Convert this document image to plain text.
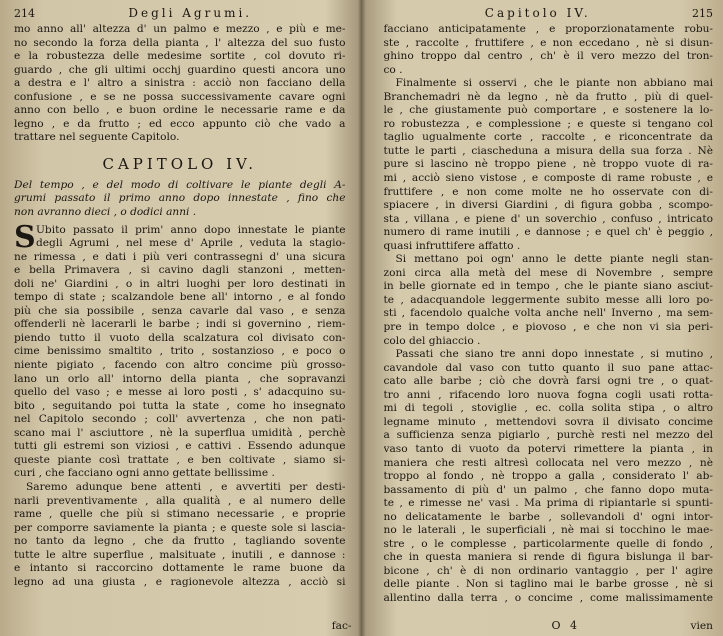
214	Degli Agrumi.
mo anno all' altezza d' un palmo e mezzo , e più e me-
no secondo la forza della pianta , l' altezza del suo fusto
e la robustezza delle medesime sortite , col dovuto ri-
guardo , che gli ultimi occhj guardino questi ancora uno
a destra e l' altro a sinistra : acciò non facciano della
confusione , e se ne possa successivamente cavare ogni
anno con bello , e buon ordine le necessarie rame e da
legno , e da frutto ; ed ecco appunto ciò che vado a
trattare nel seguente Capitolo.
CAPITOLO IV.
Del tempo , e del modo di coltivare le piante degli A-
grumi passato il primo anno dopo innestate , fino che
non avranno dieci , o dodici anni .
S Ubito passato il prim' anno dopo innestate le piante
degli Agrumi , nel mese d' Aprile , veduta la stagio-
ne rimessa , e dati i più veri contrassegni d' una sicura
e bella Primavera , si cavino dagli stanzoni , metten-
doli ne' Giardini , o in altri luoghi per loro destinati in
tempo di state ; scalzandole bene all' intorno , e al fondo
più che sia possibile , senza cavarle dal vaso , e senza
offenderli nè lacerarli le barbe ; indi si governino , riem-
piendo tutto il vuoto della scalzatura col divisato con-
cime benissimo smaltito , trito , sostanzioso , e poco o
niente pigiato , facendo con altro concime più grosso-
lano un orlo all' intorno della pianta , che sopravanzi
quello del vaso ; e messe ai loro posti , s' adacquino su-
bito , seguitando poi tutta la state , come ho insegnato
nel Capitolo secondo ; coll' avvertenza , che non pati-
scano mai l' asciuttore , nè la superflua umidità , perchè
tutti gli estremi son viziosi , e cattivi . Essendo adunque
queste piante così trattate , e ben coltivate , siamo si-
curi , che facciano ogni anno gettate bellissime .
Saremo adunque bene attenti , e avvertiti per desti-
narli preventivamente , alla qualità , e al numero delle
rame , quelle che più si stimano necessarie , e proprie
per comporre saviamente la pianta ; e queste sole si lascia-
no tanto da legno , che da frutto , tagliando sovente
tutte le altre superflue , malsituate , inutili , e dannose :
e intanto si raccorcino dottamente le rame buone da
legno ad una giusta , e ragionevole altezza , acciò si
fac-
Capitolo IV.	215
facciano anticipatamente , e proporzionatamente robu-
ste , raccolte , fruttifere , e non eccedano , nè si disun-
ghino troppo dal centro , ch' è il vero mezzo del tron-
co .
Finalmente si osservi , che le piante non abbiano mai
Branchemadri nè da legno , nè da frutto , più di quel-
le , che giustamente può comportare , e sostenere la lo-
ro robustezza , e complessione ; e queste si tengano col
taglio ugualmente corte , raccolte , e riconcentrate da
tutte le parti , ciascheduna a misura della sua forza . Nè
pure si lascino nè troppo piene , nè troppo vuote di ra-
mi , acciò sieno vistose , e composte di rame robuste , e
fruttifere , e non come molte ne ho osservate con di-
spiacere , in diversi Giardini , di figura gobba , scompo-
sta , villana , e piene d' un soverchio , confuso , intricato
numero di rame inutili , e dannose ; e quel ch' è peggio ,
quasi infruttifere affatto .
Si mettano poi ogn' anno le dette piante negli stan-
zoni circa alla metà del mese di Novembre , sempre
in belle giornate ed in tempo , che le piante siano asciut-
te , adacquandole leggermente subito messe alli loro po-
sti , facendolo qualche volta anche nell' Inverno , ma sem-
pre in tempo dolce , e piovoso , e che non vi sia peri-
colo del ghiaccio .
Passati che siano tre anni dopo innestate , si mutino ,
cavandole dal vaso con tutto quanto il suo pane attac-
cato alle barbe ; ciò che dovrà farsi ogni tre , o quat-
tro anni , rifacendo loro nuova fogna cogli usati rotta-
mi di tegoli , stoviglie , ec. colla solita stipa , o altro
legname minuto , mettendovi sovra il divisato concime
a sufficienza senza pigiarlo , purchè resti nel mezzo del
vaso tanto di vuoto da potervi rimettere la pianta , in
maniera che resti altresì collocata nel vero mezzo , nè
troppo al fondo , nè troppo a galla , considerato l' ab-
bassamento di più d' un palmo , che fanno dopo muta-
te , e rimesse ne' vasi . Ma prima di ripiantarle si spunti-
no delicatamente le barbe , sollevandoli d' ogni intor-
no le laterali , le superficiali , nè mai si tocchino le mae-
stre , o le complesse , particolarmente quelle di fondo ,
che in questa maniera si rende di figura bislunga il bar-
bicone , ch' è di non ordinario vantaggio , per l' agire
delle piante . Non si taglino mai le barbe grosse , nè si
allentino dalla terra , o concime , come malissimamente
O 4	vien
